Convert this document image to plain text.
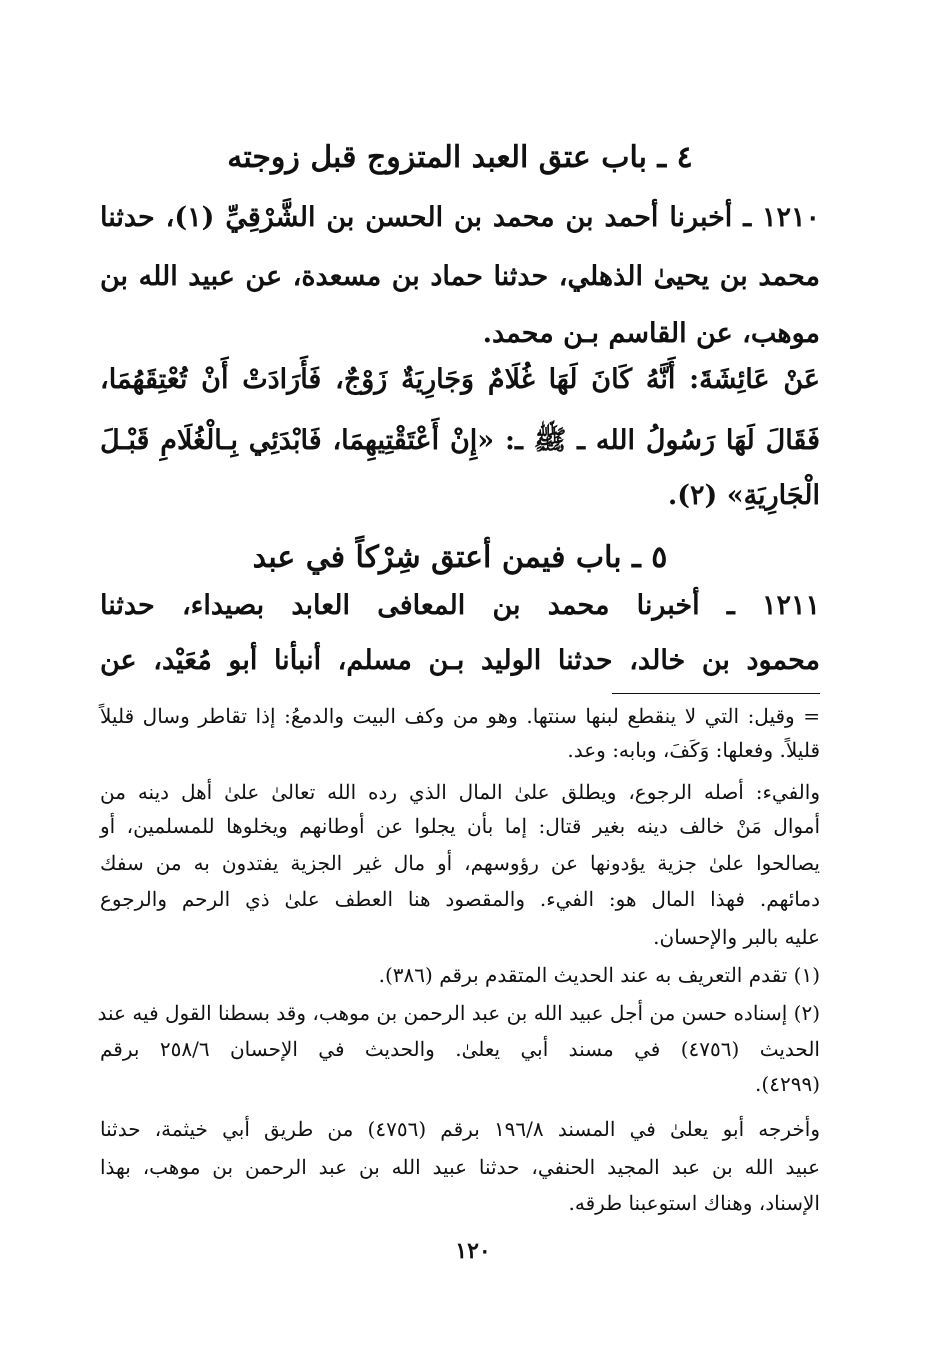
٤ ـ باب عتق العبد المتزوج قبل زوجته
١٢١٠ ـ أخبرنا أحمد بن محمد بن الحسن بن الشَّرْقِيِّ (١)، حدثنا
محمد بن يحيىٰ الذهلي، حدثنا حماد بن مسعدة، عن عبيد الله بن
موهب، عن القاسم بـن محمد.
عَنْ عَائِشَةَ: أَنَّهُ كَانَ لَهَا غُلَامٌ وَجَارِيَةٌ زَوْجٌ، فَأَرَادَتْ أَنْ تُعْتِقَهُمَا،
فَقَالَ لَهَا رَسُولُ الله ـ ﷺ ـ: «إِنْ أَعْتَقْتِيهِمَا، فَابْدَئِي بِـالْغُلَامِ قَبْـلَ
الْجَارِيَةِ» (٢).
٥ ـ باب فيمن أعتق شِرْكاً في عبد
١٢١١ ـ أخبرنا محمد بن المعافى العابد بصيداء، حدثنا
محمود بن خالد، حدثنا الوليد بـن مسلم، أنبأنا أبو مُعَيْد، عن
= وقيل: التي لا ينقطع لبنها سنتها. وهو من وكف البيت والدمعُ: إذا تقاطر وسال قليلاً
قليلاً. وفعلها: وَكَفَ، وبابه: وعد.
والفيء: أصله الرجوع، ويطلق علىٰ المال الذي رده الله تعالىٰ علىٰ أهل دينه من
أموال مَنْ خالف دينه بغير قتال: إما بأن يجلوا عن أوطانهم ويخلوها للمسلمين، أو
يصالحوا علىٰ جزية يؤدونها عن رؤوسهم، أو مال غير الجزية يفتدون به من سفك
دمائهم. فهذا المال هو: الفيء. والمقصود هنا العطف علىٰ ذي الرحم والرجوع
عليه بالبر والإحسان.
(١) تقدم التعريف به عند الحديث المتقدم برقم (٣٨٦).
(٢) إسناده حسن من أجل عبيد الله بن عبد الرحمن بن موهب، وقد بسطنا القول فيه عند
الحديث (٤٧٥٦) في مسند أبي يعلىٰ. والحديث في الإحسان ٢٥٨/٦ برقم
(٤٢٩٩).
وأخرجه أبو يعلىٰ في المسند ١٩٦/٨ برقم (٤٧٥٦) من طريق أبي خيثمة، حدثنا
عبيد الله بن عبد المجيد الحنفي، حدثنا عبيد الله بن عبد الرحمن بن موهب، بهذا
الإسناد، وهناك استوعبنا طرقه.
١٢٠
